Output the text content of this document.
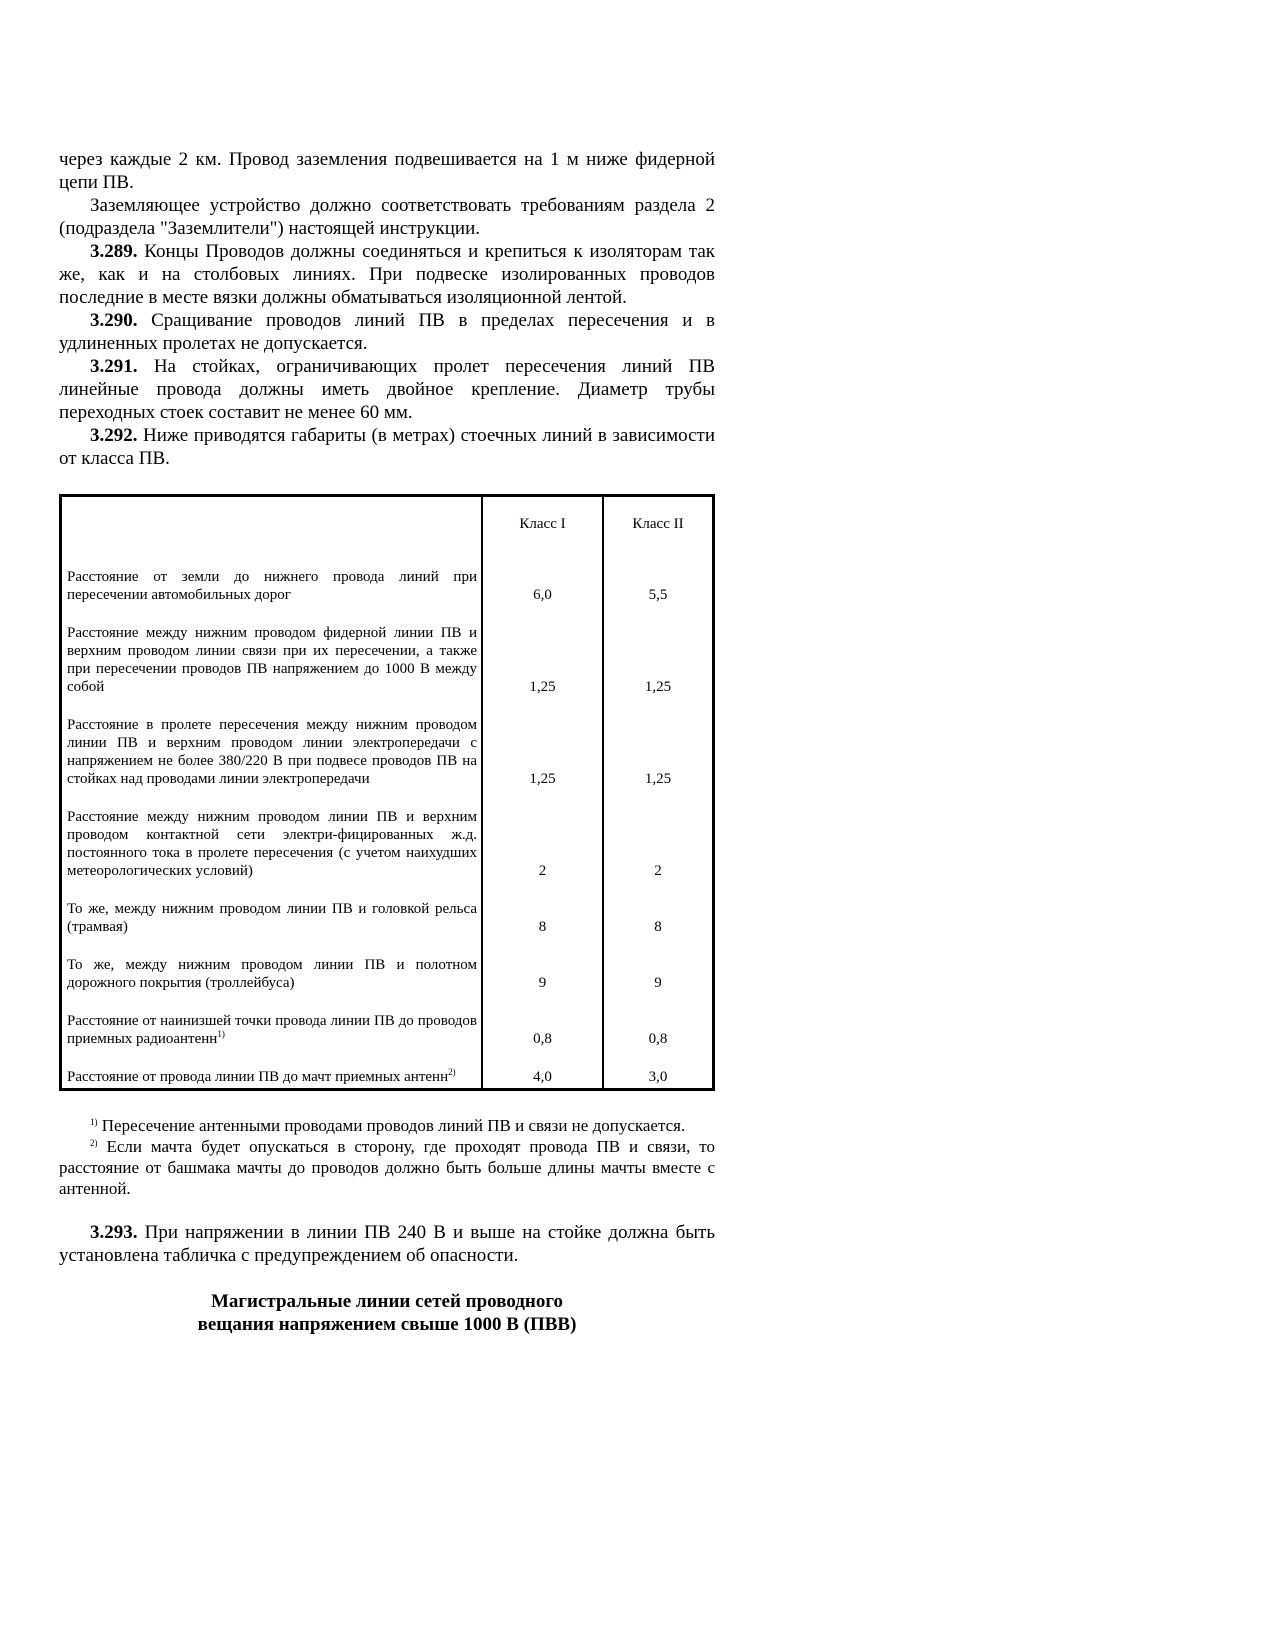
через каждые 2 км. Провод заземления подвешивается на 1 м ниже фидерной цепи ПВ.

Заземляющее устройство должно соответствовать требованиям раздела 2 (подраздела "Заземлители") настоящей инструкции.

3.289. Концы Проводов должны соединяться и крепиться к изоляторам так же, как и на столбовых линиях. При подвеске изолированных проводов последние в месте вязки должны обматываться изоляционной лентой.

3.290. Сращивание проводов линий ПВ в пределах пересечения и в удлиненных пролетах не допускается.

3.291. На стойках, ограничивающих пролет пересечения линий ПВ линейные провода должны иметь двойное крепление. Диаметр трубы переходных стоек составит не менее 60 мм.

3.292. Ниже приводятся габариты (в метрах) стоечных линий в зависимости от класса ПВ.

	Класс I	Класс II
Расстояние от земли до нижнего провода линий при пересечении автомобильных дорог	6,0	5,5
Расстояние между нижним проводом фидерной линии ПВ и верхним проводом линии связи при их пересечении, а также при пересечении проводов ПВ напряжением до 1000 В между собой	1,25	1,25
Расстояние в пролете пересечения между нижним проводом линии ПВ и верхним проводом линии электропередачи с напряжением не более 380/220 В при подвесе проводов ПВ на стойках над проводами линии электропередачи	1,25	1,25
Расстояние между нижним проводом линии ПВ и верхним проводом контактной сети электри-фицированных ж.д. постоянного тока в пролете пересечения (с учетом наихудших метеорологических условий)	2	2
То же, между нижним проводом линии ПВ и головкой рельса (трамвая)	8	8
То же, между нижним проводом линии ПВ и полотном дорожного покрытия (троллейбуса)	9	9
Расстояние от наинизшей точки провода линии ПВ до проводов приемных радиоантенн$^{1)}$	0,8	0,8
Расстояние от провода линии ПВ до мачт приемных антенн$^{2)}$	4,0	3,0

$^{1)}$ Пересечение антенными проводами проводов линий ПВ и связи не допускается.

$^{2)}$ Если мачта будет опускаться в сторону, где проходят провода ПВ и связи, то расстояние от башмака мачты до проводов должно быть больше длины мачты вместе с антенной.

3.293. При напряжении в линии ПВ 240 В и выше на стойке должна быть установлена табличка с предупреждением об опасности.

Магистральные линии сетей проводного
вещания напряжением свыше 1000 В (ПВВ)
